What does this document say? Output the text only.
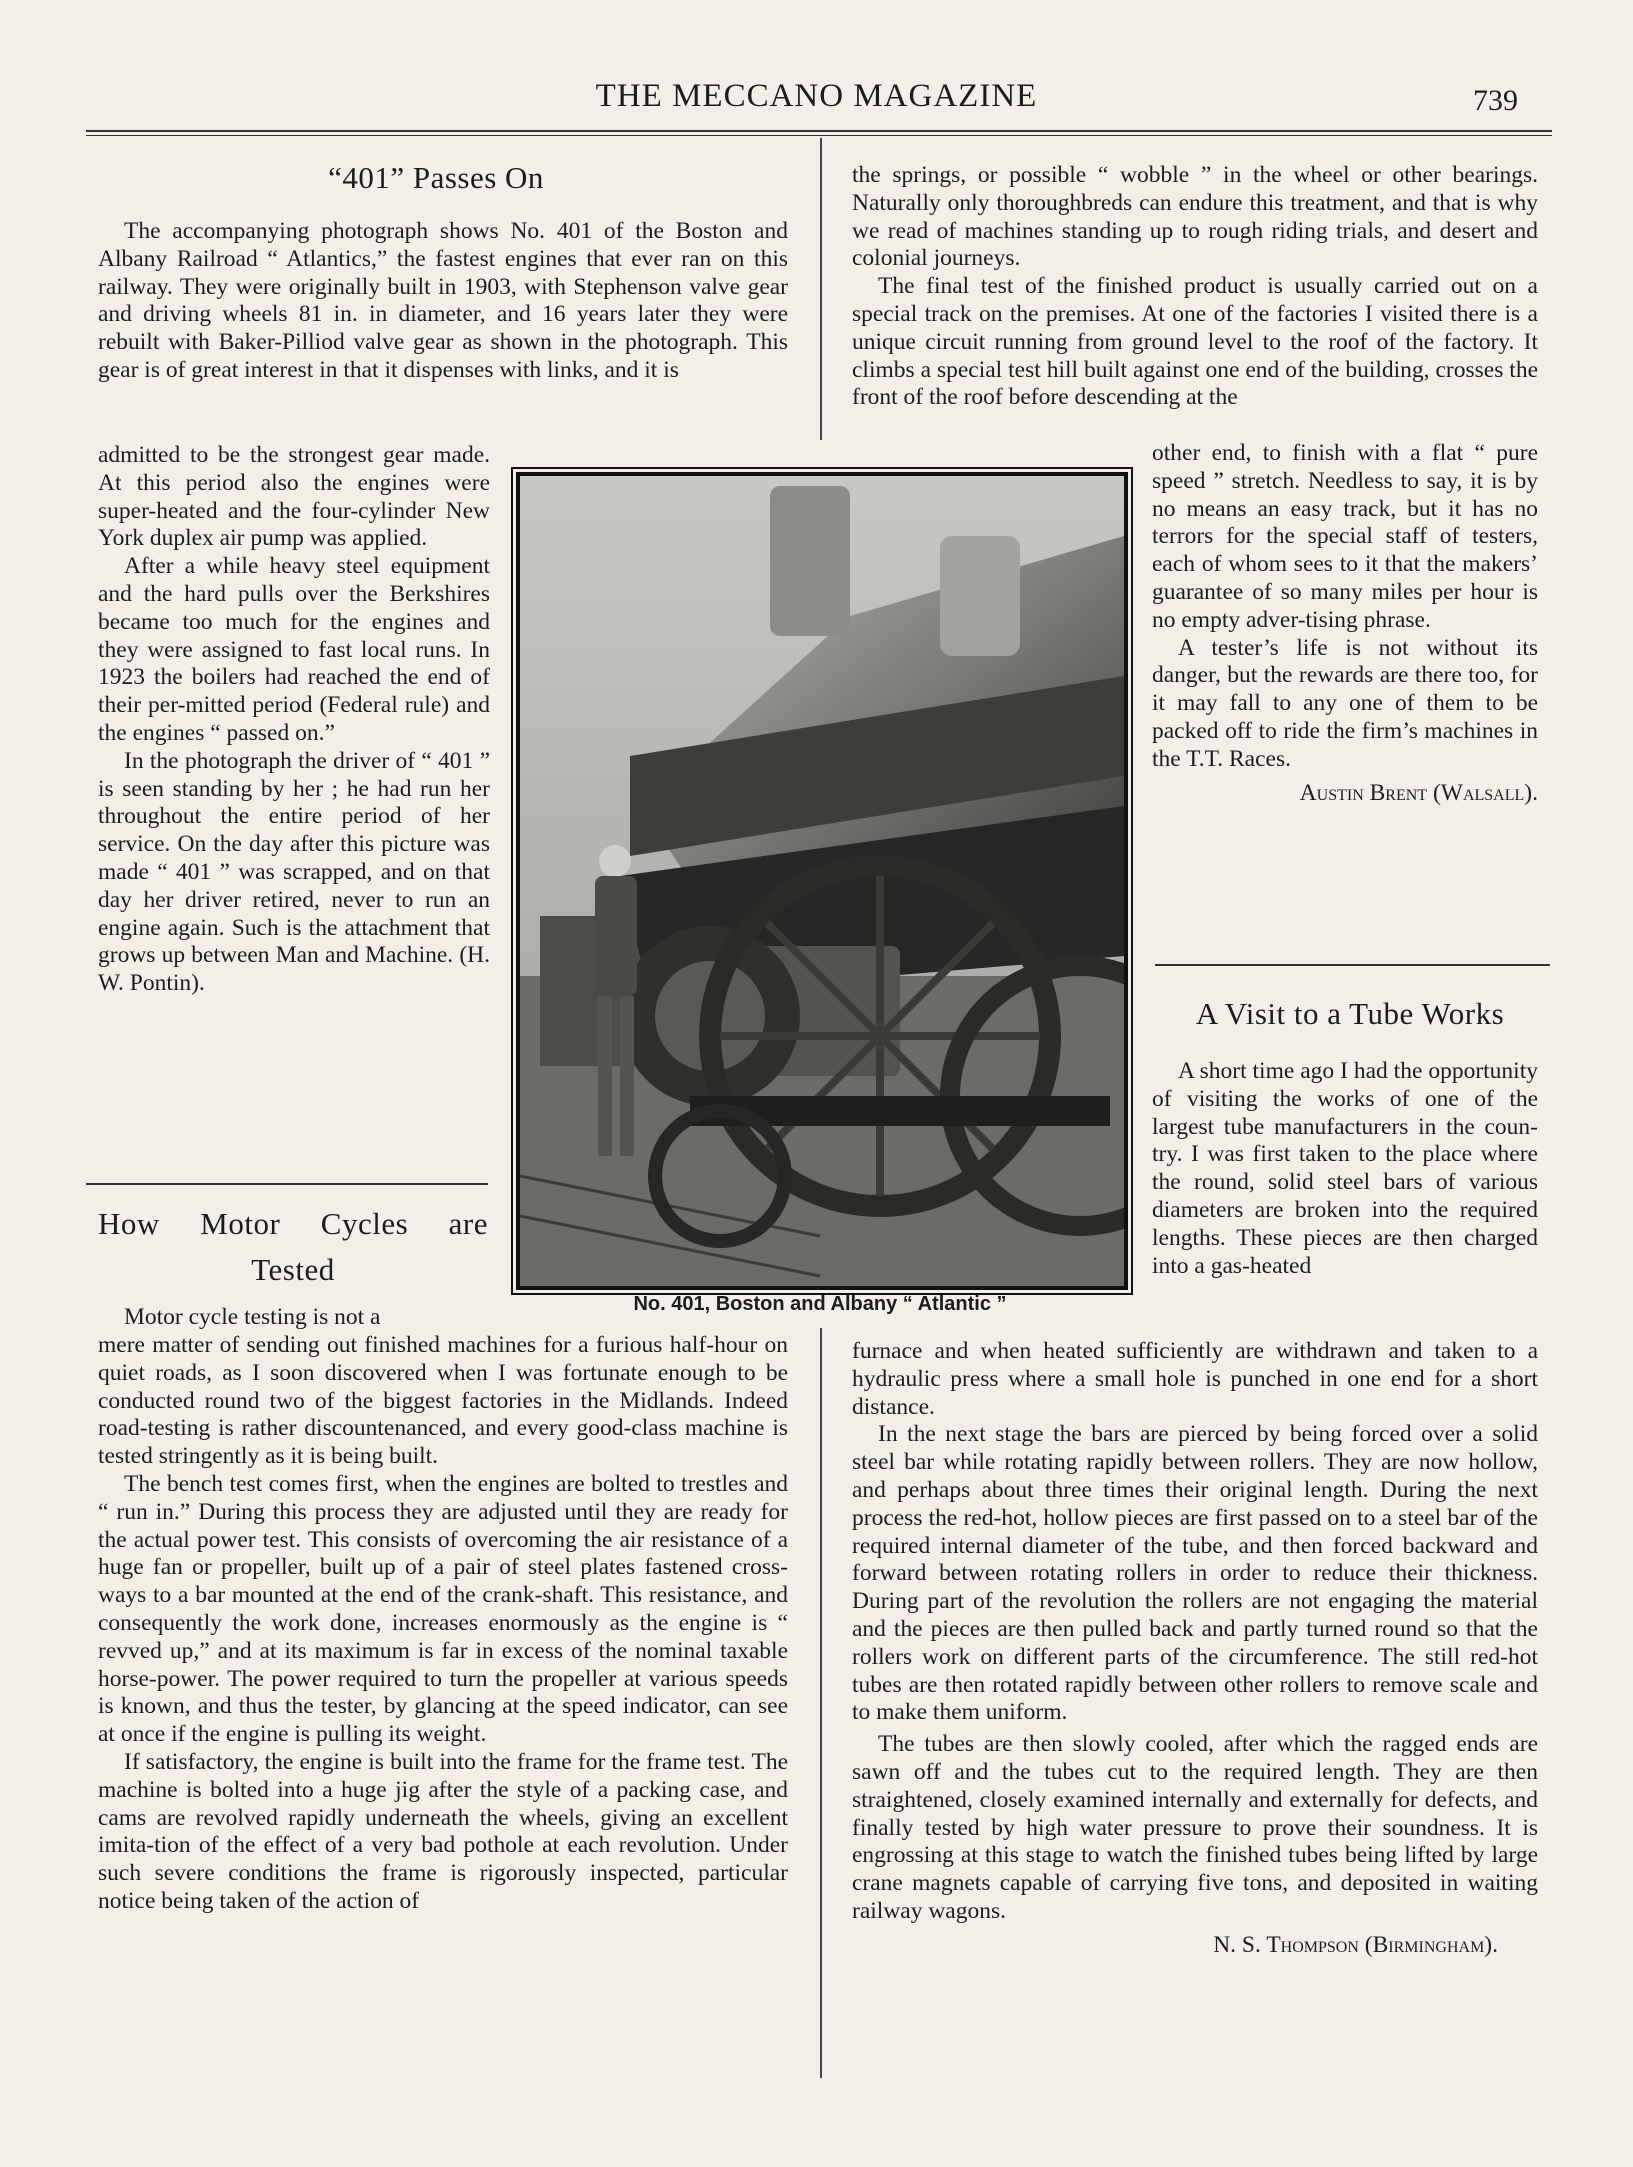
THE MECCANO MAGAZINE	739
“401” Passes On

The accompanying photograph shows No. 401 of the Boston and Albany Railroad “ Atlantics,” the fastest engines that ever ran on this railway. They were originally built in 1903, with Stephenson valve gear and driving wheels 81 in. in diameter, and 16 years later they were rebuilt with Baker-Pilliod valve gear as shown in the photograph. This gear is of great interest in that it dispenses with links, and it is

admitted to be the strongest gear made. At this period also the engines were super-heated and the four-cylinder New York duplex air pump was applied.

After a while heavy steel equipment and the hard pulls over the Berkshires became too much for the engines and they were assigned to fast local runs. In 1923 the boilers had reached the end of their per-mitted period (Federal rule) and the engines “ passed on.”

In the photograph the driver of “ 401 ” is seen standing by her ; he had run her throughout the entire period of her service. On the day after this picture was made “ 401 ” was scrapped, and on that day her driver retired, never to run an engine again. Such is the attachment that grows up between Man and Machine. (H. W. Pontin).

How Motor Cycles are
Tested

Motor cycle testing is not a

mere matter of sending out finished machines for a furious half-hour on quiet roads, as I soon discovered when I was fortunate enough to be conducted round two of the biggest factories in the Midlands. Indeed road-testing is rather discountenanced, and every good-class machine is tested stringently as it is being built.

The bench test comes first, when the engines are bolted to trestles and “ run in.” During this process they are adjusted until they are ready for the actual power test. This consists of overcoming the air resistance of a huge fan or propeller, built up of a pair of steel plates fastened cross-ways to a bar mounted at the end of the crank-shaft. This resistance, and consequently the work done, increases enormously as the engine is “ revved up,” and at its maximum is far in excess of the nominal taxable horse-power. The power required to turn the propeller at various speeds is known, and thus the tester, by glancing at the speed indicator, can see at once if the engine is pulling its weight.

If satisfactory, the engine is built into the frame for the frame test. The machine is bolted into a huge jig after the style of a packing case, and cams are revolved rapidly underneath the wheels, giving an excellent imita-tion of the effect of a very bad pothole at each revolution. Under such severe conditions the frame is rigorously inspected, particular notice being taken of the action of

the springs, or possible “ wobble ” in the wheel or other bearings. Naturally only thoroughbreds can endure this treatment, and that is why we read of machines standing up to rough riding trials, and desert and colonial journeys.

The final test of the finished product is usually carried out on a special track on the premises. At one of the factories I visited there is a unique circuit running from ground level to the roof of the factory. It climbs a special test hill built against one end of the building, crosses the front of the roof before descending at the

other end, to finish with a flat “ pure speed ” stretch. Needless to say, it is by no means an easy track, but it has no terrors for the special staff of testers, each of whom sees to it that the makers’ guarantee of so many miles per hour is no empty adver-tising phrase.

A tester’s life is not without its danger, but the rewards are there too, for it may fall to any one of them to be packed off to ride the firm’s machines in the T.T. Races.

Austin Brent (Walsall).

No. 401, Boston and Albany “ Atlantic ”
A Visit to a Tube Works

A short time ago I had the opportunity of visiting the works of one of the largest tube manufacturers in the coun-try. I was first taken to the place where the round, solid steel bars of various diameters are broken into the required lengths. These pieces are then charged into a gas-heated

furnace and when heated sufficiently are withdrawn and taken to a hydraulic press where a small hole is punched in one end for a short distance.

In the next stage the bars are pierced by being forced over a solid steel bar while rotating rapidly between rollers. They are now hollow, and perhaps about three times their original length. During the next process the red-hot, hollow pieces are first passed on to a steel bar of the required internal diameter of the tube, and then forced backward and forward between rotating rollers in order to reduce their thickness. During part of the revolution the rollers are not engaging the material and the pieces are then pulled back and partly turned round so that the rollers work on different parts of the circumference. The still red-hot tubes are then rotated rapidly between other rollers to remove scale and to make them uniform.

The tubes are then slowly cooled, after which the ragged ends are sawn off and the tubes cut to the required length. They are then straightened, closely examined internally and externally for defects, and finally tested by high water pressure to prove their soundness. It is engrossing at this stage to watch the finished tubes being lifted by large crane magnets capable of carrying five tons, and deposited in waiting railway wagons.

N. S. Thompson (Birmingham).
